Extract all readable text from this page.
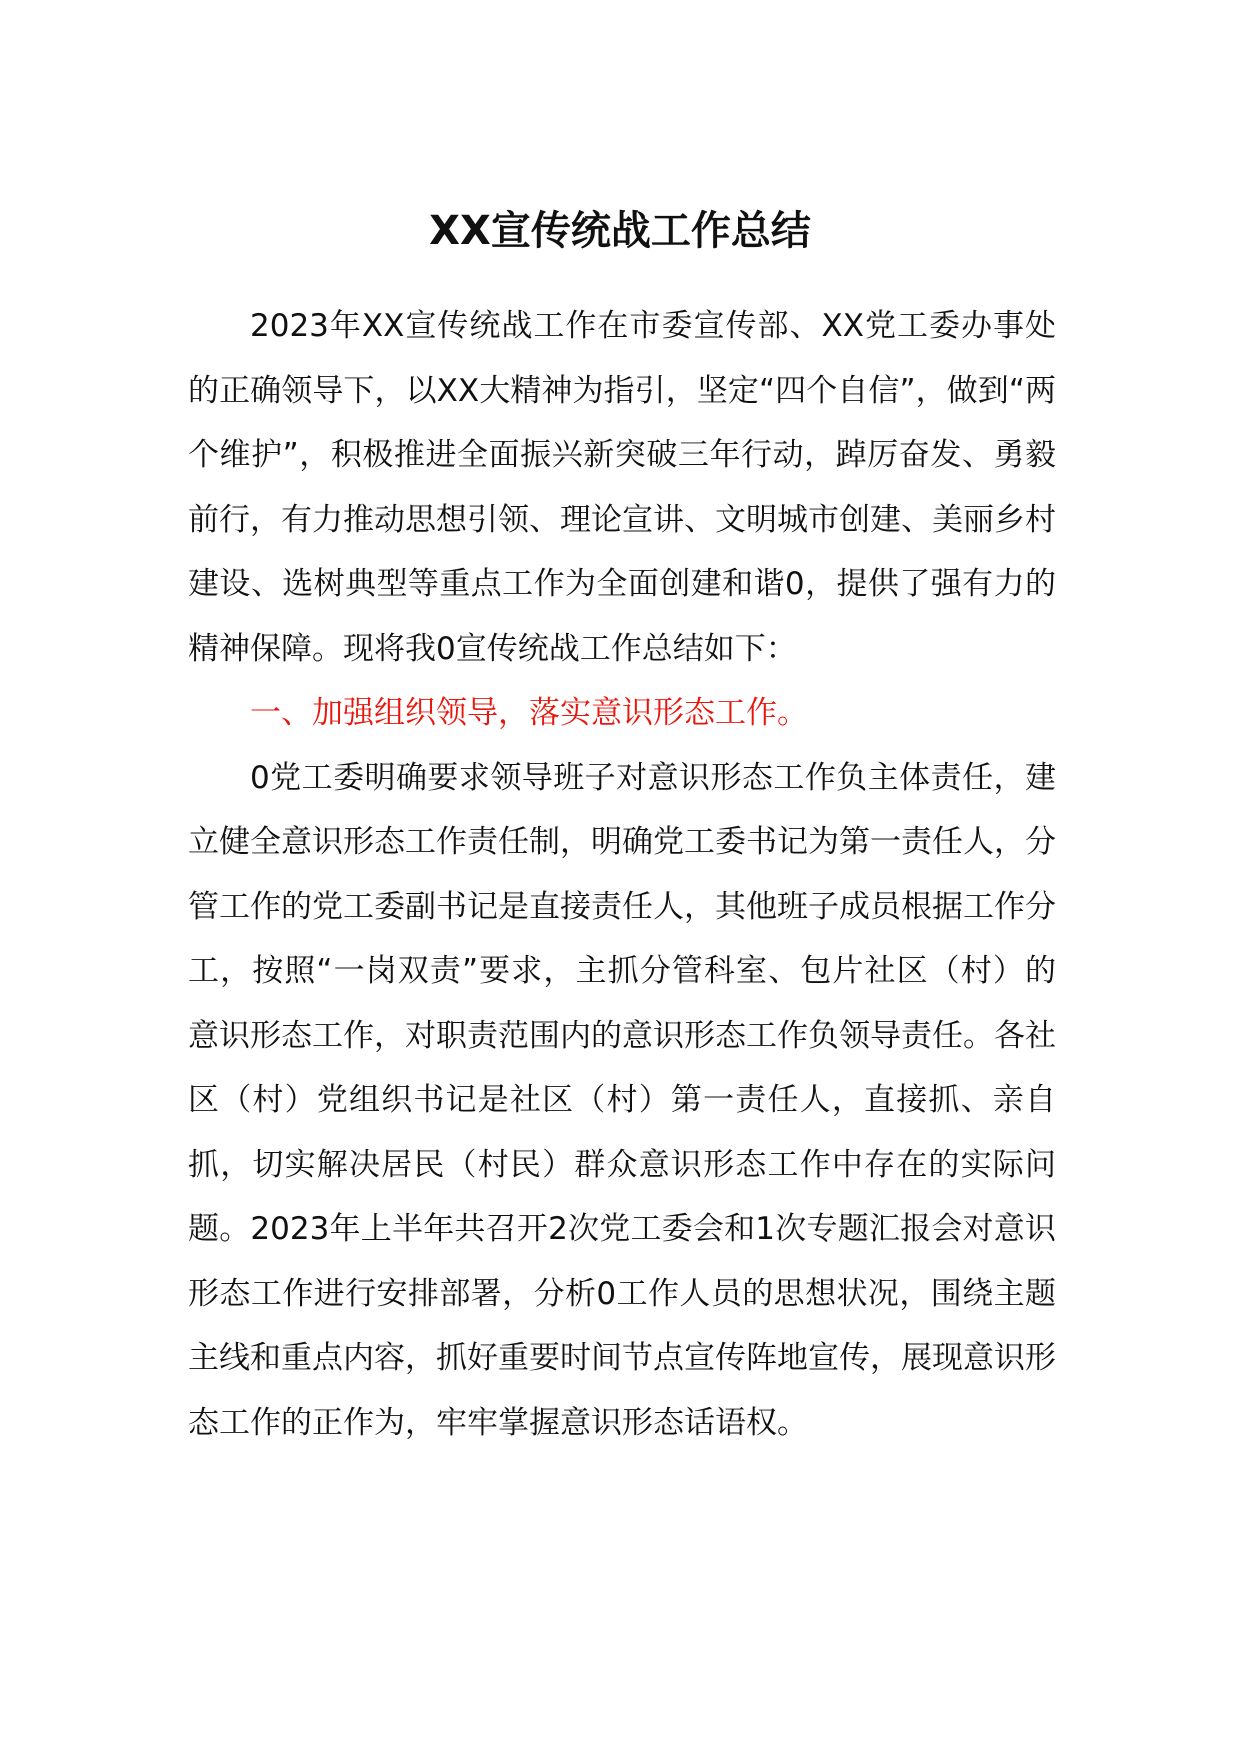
XX宣传统战工作总结

2023年XX宣传统战工作在市委宣传部、XX党工委办事处的正确领导下，以XX大精神为指引，坚定“四个自信”，做到“两个维护”，积极推进全面振兴新突破三年行动，踔厉奋发、勇毅前行，有力推动思想引领、理论宣讲、文明城市创建、美丽乡村建设、选树典型等重点工作为全面创建和谐0，提供了强有力的精神保障。现将我0宣传统战工作总结如下：

一、加强组织领导，落实意识形态工作。

0党工委明确要求领导班子对意识形态工作负主体责任，建立健全意识形态工作责任制，明确党工委书记为第一责任人，分管工作的党工委副书记是直接责任人，其他班子成员根据工作分工，按照“一岗双责”要求，主抓分管科室、包片社区（村）的意识形态工作，对职责范围内的意识形态工作负领导责任。各社区（村）党组织书记是社区（村）第一责任人，直接抓、亲自抓，切实解决居民（村民）群众意识形态工作中存在的实际问题。2023年上半年共召开2次党工委会和1次专题汇报会对意识形态工作进行安排部署，分析0工作人员的思想状况，围绕主题主线和重点内容，抓好重要时间节点宣传阵地宣传，展现意识形态工作的正作为，牢牢掌握意识形态话语权。
